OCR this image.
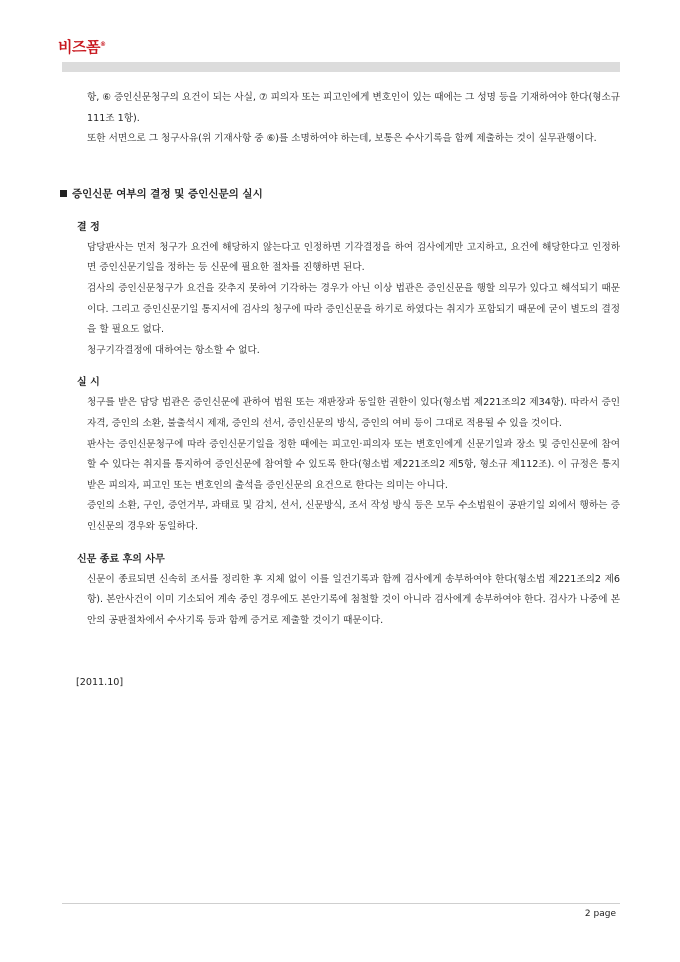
비즈폼®

항, ⑥ 증인신문청구의 요건이 되는 사실, ⑦ 피의자 또는 피고인에게 변호인이 있는 때에는 그 성명 등을 기재하여야 한다(형소규 111조 1항).

또한 서면으로 그 청구사유(위 기재사항 중 ⑥)를 소명하여야 하는데, 보통은 수사기록을 함께 제출하는 것이 실무관행이다.

증인신문 여부의 결정 및 증인신문의 실시
결 정

담당판사는 먼저 청구가 요건에 해당하지 않는다고 인정하면 기각결정을 하여 검사에게만 고지하고, 요건에 해당한다고 인정하면 증인신문기일을 정하는 등 신문에 필요한 절차를 진행하면 된다.

검사의 증인신문청구가 요건을 갖추지 못하여 기각하는 경우가 아닌 이상 법관은 증인신문을 행할 의무가 있다고 해석되기 때문이다. 그리고 증인신문기일 통지서에 검사의 청구에 따라 증인신문을 하기로 하였다는 취지가 포함되기 때문에 굳이 별도의 결정을 할 필요도 없다.

청구기각결정에 대하여는 항소할 수 없다.

실 시

청구를 받은 담당 법관은 증인신문에 관하여 법원 또는 재판장과 동일한 권한이 있다(형소법 제221조의2 제34항). 따라서 증인자격, 증인의 소환, 불출석시 제재, 증인의 선서, 증인신문의 방식, 증인의 여비 등이 그대로 적용될 수 있을 것이다.

판사는 증인신문청구에 따라 증인신문기일을 정한 때에는 피고인·피의자 또는 변호인에게 신문기일과 장소 및 증인신문에 참여할 수 있다는 취지를 통지하여 증인신문에 참여할 수 있도록 한다(형소법 제221조의2 제5항, 형소규 제112조). 이 규정은 통지받은 피의자, 피고인 또는 변호인의 출석을 증인신문의 요건으로 한다는 의미는 아니다.

증인의 소환, 구인, 증언거부, 과태료 및 감치, 선서, 신문방식, 조서 작성 방식 등은 모두 수소법원이 공판기일 외에서 행하는 증인신문의 경우와 동일하다.

신문 종료 후의 사무

신문이 종료되면 신속히 조서를 정리한 후 지체 없이 이를 일건기록과 함께 검사에게 송부하여야 한다(형소법 제221조의2 제6항). 본안사건이 이미 기소되어 계속 중인 경우에도 본안기록에 첨철할 것이 아니라 검사에게 송부하여야 한다. 검사가 나중에 본안의 공판절차에서 수사기록 등과 함께 증거로 제출할 것이기 때문이다.

[2011.10]
2 page
